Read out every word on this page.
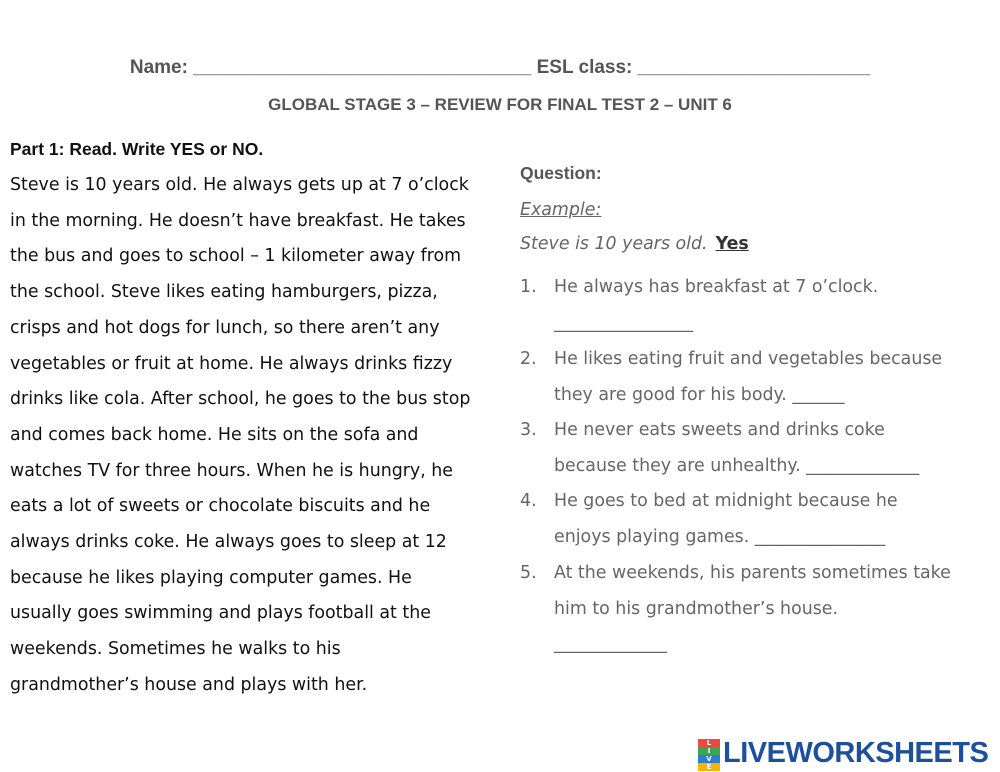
Name: ________________________________ ESL class: ______________________
GLOBAL STAGE 3 – REVIEW FOR FINAL TEST 2 – UNIT 6
Part 1: Read. Write YES or NO.
Steve is 10 years old. He always gets up at 7 o’clock
in the morning. He doesn’t have breakfast. He takes
the bus and goes to school – 1 kilometer away from
the school. Steve likes eating hamburgers, pizza,
crisps and hot dogs for lunch, so there aren’t any
vegetables or fruit at home. He always drinks fizzy
drinks like cola. After school, he goes to the bus stop
and comes back home. He sits on the sofa and
watches TV for three hours. When he is hungry, he
eats a lot of sweets or chocolate biscuits and he
always drinks coke. He always goes to sleep at 12
because he likes playing computer games. He
usually goes swimming and plays football at the
weekends. Sometimes he walks to his
grandmother’s house and plays with her.
Question:
Example:
Steve is 10 years old. Yes
1. He always has breakfast at 7 o’clock.
________________
2. He likes eating fruit and vegetables because
they are good for his body. ______
3. He never eats sweets and drinks coke
because they are unhealthy. _____________
4. He goes to bed at midnight because he
enjoys playing games. _______________
5. At the weekends, his parents sometimes take
him to his grandmother’s house.
_____________
L
I
V
E LIVEWORKSHEETS
